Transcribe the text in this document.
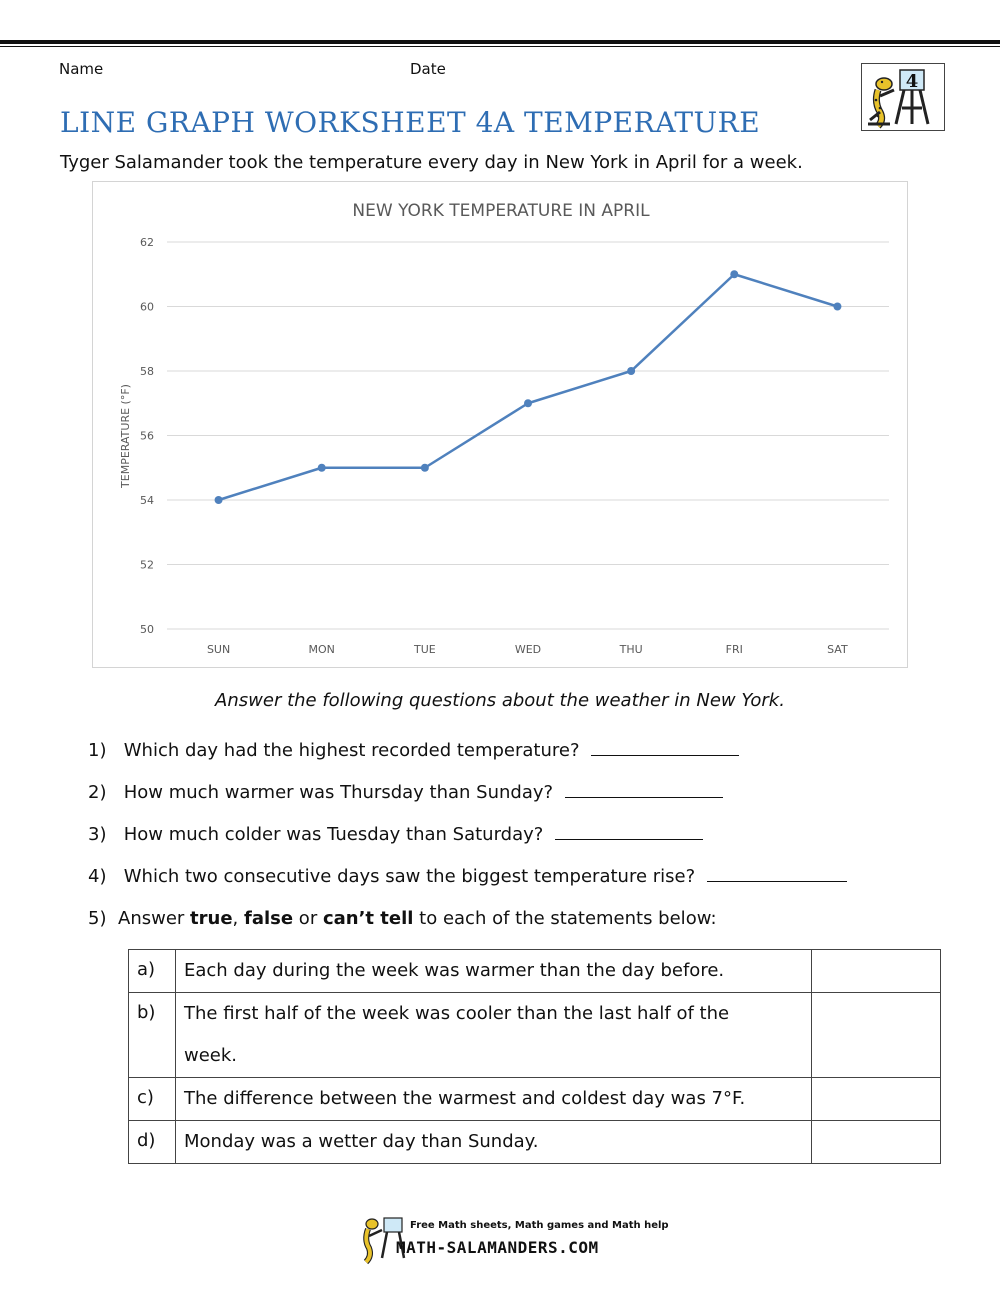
Name	Date
4
LINE GRAPH WORKSHEET 4A TEMPERATURE
Tyger Salamander took the temperature every day in New York in April for a week.
NEW YORK TEMPERATURE IN APRIL
TEMPERATURE (°F)
50
52
54
56
58
60
62
SUN	MON	TUE	WED	THU	FRI	SAT
Answer the following questions about the weather in New York.
1) Which day had the highest recorded temperature?
2) How much warmer was Thursday than Sunday?
3) How much colder was Tuesday than Saturday?
4) Which two consecutive days saw the biggest temperature rise?
5) Answer true, false or can’t tell to each of the statements below:
a)	Each day during the week was warmer than the day before.	
b)	The first half of the week was cooler than the last half of the week.	
c)	The difference between the warmest and coldest day was 7°F.	
d)	Monday was a wetter day than Sunday.	
Free Math sheets, Math games and Math help
MATH-SALAMANDERS.COM
